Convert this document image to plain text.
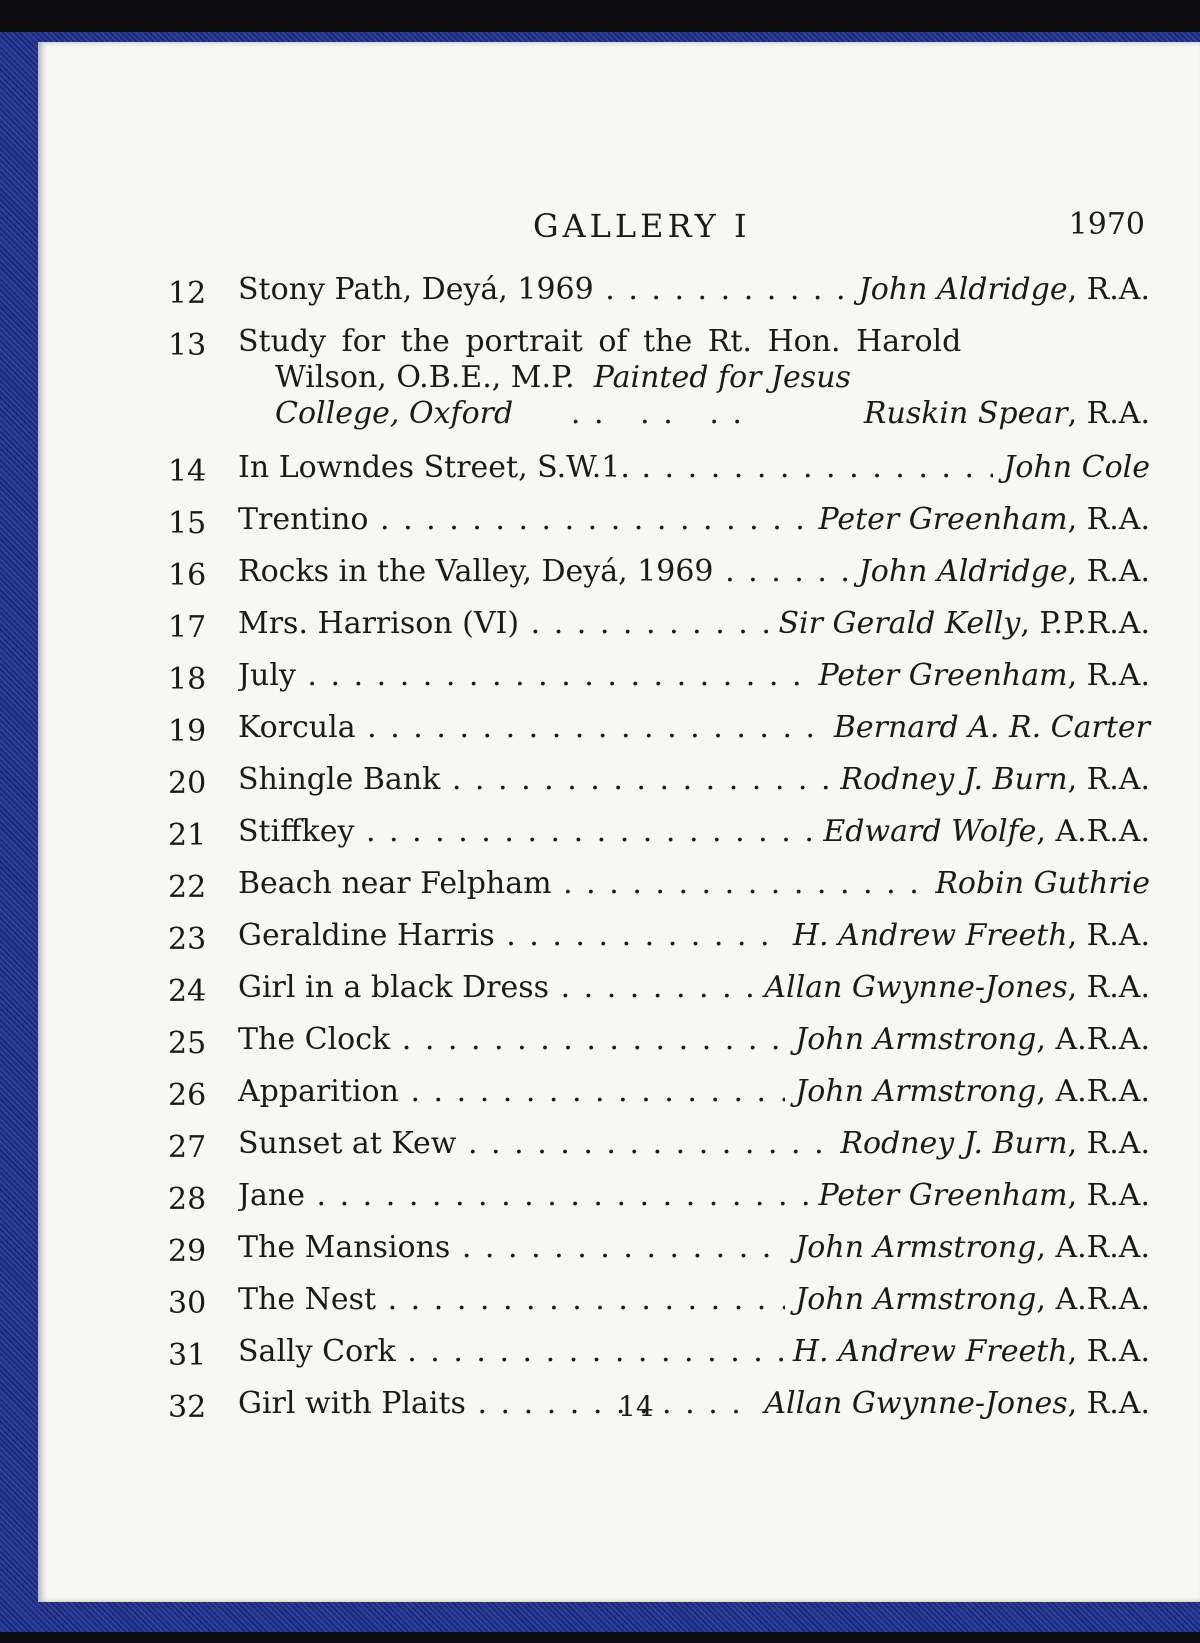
GALLERY I	1970
12	Stony Path, Deyá, 1969 . .	John Aldridge, R.A.
13	Study for the portrait of the Rt. Hon. Harold
Wilson, O.B.E., M.P. Painted for Jesus
College, Oxford . .	Ruskin Spear, R.A.
14	In Lowndes Street, S.W.1. . .	John Cole
15	Trentino . .	Peter Greenham, R.A.
16	Rocks in the Valley, Deyá, 1969 . .	John Aldridge, R.A.
17	Mrs. Harrison (VI) . .	Sir Gerald Kelly, P.P.R.A.
18	July . .	Peter Greenham, R.A.
19	Korcula . .	Bernard A. R. Carter
20	Shingle Bank . .	Rodney J. Burn, R.A.
21	Stiffkey . .	Edward Wolfe, A.R.A.
22	Beach near Felpham . .	Robin Guthrie
23	Geraldine Harris . .	H. Andrew Freeth, R.A.
24	Girl in a black Dress . .	Allan Gwynne-Jones, R.A.
25	The Clock . .	John Armstrong, A.R.A.
26	Apparition . .	John Armstrong, A.R.A.
27	Sunset at Kew . .	Rodney J. Burn, R.A.
28	Jane . .	Peter Greenham, R.A.
29	The Mansions . .	John Armstrong, A.R.A.
30	The Nest . .	John Armstrong, A.R.A.
31	Sally Cork . .	H. Andrew Freeth, R.A.
32	Girl with Plaits . .	Allan Gwynne-Jones, R.A.
14
